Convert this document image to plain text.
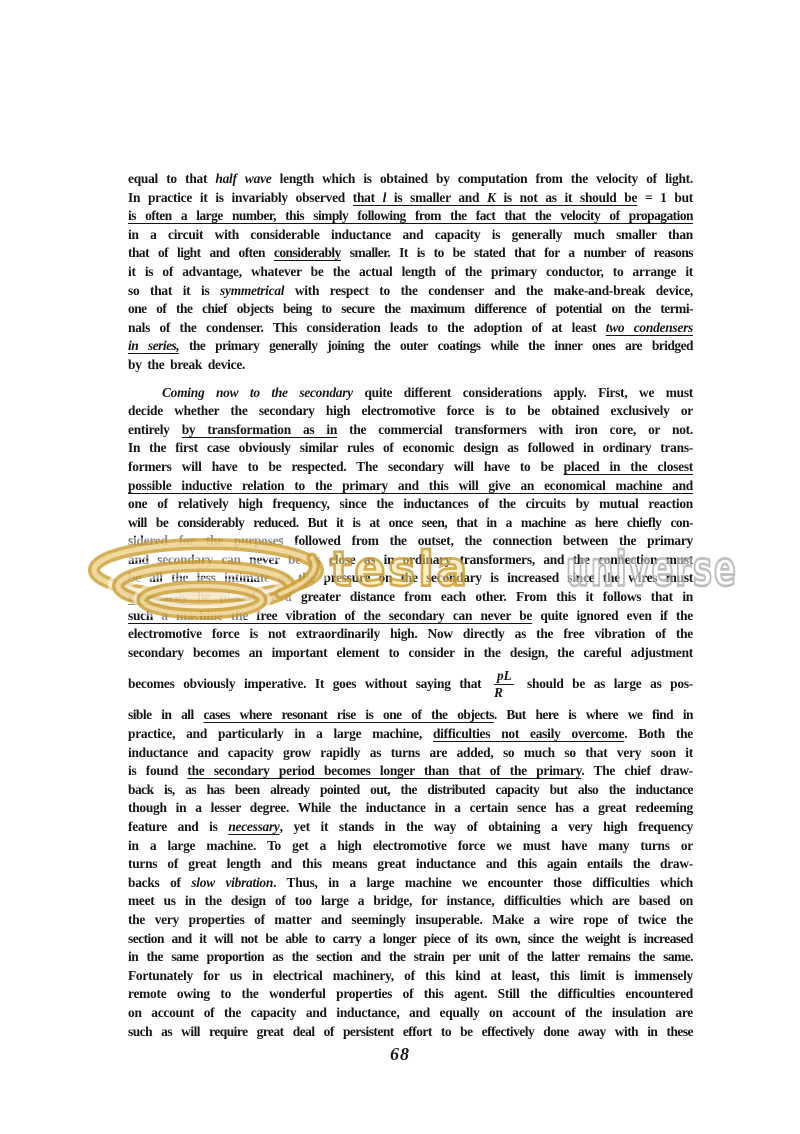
equal to that half wave length which is obtained by computation from the velocity of light.
In practice it is invariably observed that l is smaller and K is not as it should be = 1 but
is often a large number, this simply following from the fact that the velocity of propagation
in a circuit with considerable inductance and capacity is generally much smaller than
that of light and often considerably smaller. It is to be stated that for a number of reasons
it is of advantage, whatever be the actual length of the primary conductor, to arrange it
so that it is symmetrical with respect to the condenser and the make-and-break device,
one of the chief objects being to secure the maximum difference of potential on the termi-
nals of the condenser. This consideration leads to the adoption of at least two condensers
in series, the primary generally joining the outer coatings while the inner ones are bridged
by the break device.
Coming now to the secondary quite different considerations apply. First, we must
decide whether the secondary high electromotive force is to be obtained exclusively or
entirely by transformation as in the commercial transformers with iron core, or not.
In the first case obviously similar rules of economic design as followed in ordinary trans-
formers will have to be respected. The secondary will have to be placed in the closest
possible inductive relation to the primary and this will give an economical machine and
one of relatively high frequency, since the inductances of the circuits by mutual reaction
will be considerably reduced. But it is at once seen, that in a machine as here chiefly con-
sidered for the purposes followed from the outset, the connection between the primary
and secondary can never be as close as in ordinary transformers, and the connection must
be all the less intimate as the pressure on the secondary is increased since the wires must
necessarily be placed at a greater distance from each other. From this it follows that in
such a machine the free vibration of the secondary can never be quite ignored even if the
electromotive force is not extraordinarily high. Now directly as the free vibration of the
secondary becomes an important element to consider in the design, the careful adjustment
becomes obviously imperative. It goes without saying that $\frac{pL}{R}$ should be as large as pos-
sible in all cases where resonant rise is one of the objects. But here is where we find in
practice, and particularly in a large machine, difficulties not easily overcome. Both the
inductance and capacity grow rapidly as turns are added, so much so that very soon it
is found the secondary period becomes longer than that of the primary. The chief draw-
back is, as has been already pointed out, the distributed capacity but also the inductance
though in a lesser degree. While the inductance in a certain sence has a great redeeming
feature and is necessary, yet it stands in the way of obtaining a very high frequency
in a large machine. To get a high electromotive force we must have many turns or
turns of great length and this means great inductance and this again entails the draw-
backs of slow vibration. Thus, in a large machine we encounter those difficulties which
meet us in the design of too large a bridge, for instance, difficulties which are based on
the very properties of matter and seemingly insuperable. Make a wire rope of twice the
section and it will not be able to carry a longer piece of its own, since the weight is increased
in the same proportion as the section and the strain per unit of the latter remains the same.
Fortunately for us in electrical machinery, of this kind at least, this limit is immensely
remote owing to the wonderful properties of this agent. Still the difficulties encountered
on account of the capacity and inductance, and equally on account of the insulation are
such as will require great deal of persistent effort to be effectively done away with in these
tesla universe
68
